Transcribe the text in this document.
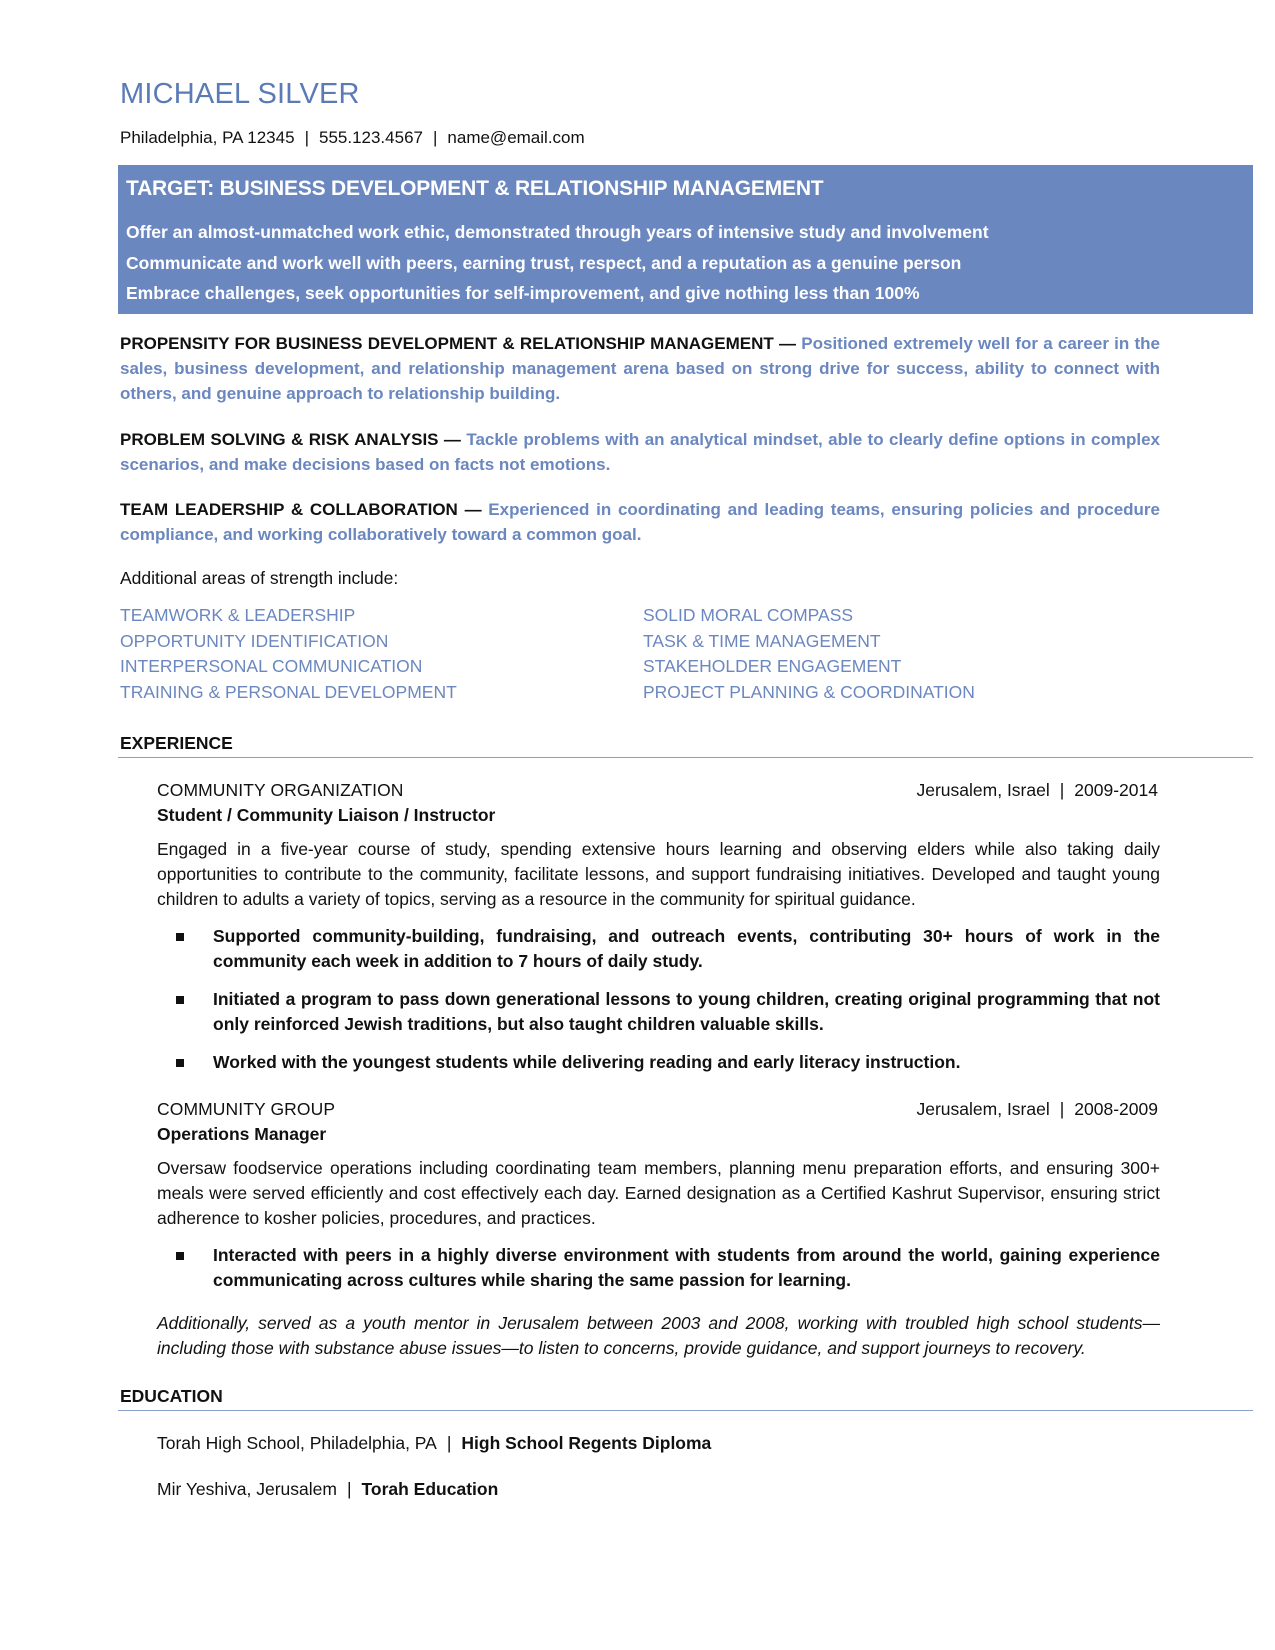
MICHAEL SILVER
Philadelphia, PA 12345 | 555.123.4567 | name@email.com
TARGET: BUSINESS DEVELOPMENT & RELATIONSHIP MANAGEMENT
Offer an almost-unmatched work ethic, demonstrated through years of intensive study and involvement
Communicate and work well with peers, earning trust, respect, and a reputation as a genuine person
Embrace challenges, seek opportunities for self-improvement, and give nothing less than 100%
PROPENSITY FOR BUSINESS DEVELOPMENT & RELATIONSHIP MANAGEMENT — Positioned extremely well for a career in the sales, business development, and relationship management arena based on strong drive for success, ability to connect with others, and genuine approach to relationship building.
PROBLEM SOLVING & RISK ANALYSIS — Tackle problems with an analytical mindset, able to clearly define options in complex scenarios, and make decisions based on facts not emotions.
TEAM LEADERSHIP & COLLABORATION — Experienced in coordinating and leading teams, ensuring policies and procedure compliance, and working collaboratively toward a common goal.
Additional areas of strength include:
TEAMWORK & LEADERSHIP
OPPORTUNITY IDENTIFICATION
INTERPERSONAL COMMUNICATION
TRAINING & PERSONAL DEVELOPMENT
SOLID MORAL COMPASS
TASK & TIME MANAGEMENT
STAKEHOLDER ENGAGEMENT
PROJECT PLANNING & COORDINATION
EXPERIENCE
COMMUNITY ORGANIZATION	Jerusalem, Israel | 2009-2014
Student / Community Liaison / Instructor
Engaged in a five-year course of study, spending extensive hours learning and observing elders while also taking daily opportunities to contribute to the community, facilitate lessons, and support fundraising initiatives. Developed and taught young children to adults a variety of topics, serving as a resource in the community for spiritual guidance.
Supported community-building, fundraising, and outreach events, contributing 30+ hours of work in the community each week in addition to 7 hours of daily study.
Initiated a program to pass down generational lessons to young children, creating original programming that not only reinforced Jewish traditions, but also taught children valuable skills.
Worked with the youngest students while delivering reading and early literacy instruction.
COMMUNITY GROUP	Jerusalem, Israel | 2008-2009
Operations Manager
Oversaw foodservice operations including coordinating team members, planning menu preparation efforts, and ensuring 300+ meals were served efficiently and cost effectively each day. Earned designation as a Certified Kashrut Supervisor, ensuring strict adherence to kosher policies, procedures, and practices.
Interacted with peers in a highly diverse environment with students from around the world, gaining experience communicating across cultures while sharing the same passion for learning.
Additionally, served as a youth mentor in Jerusalem between 2003 and 2008, working with troubled high school students—including those with substance abuse issues—to listen to concerns, provide guidance, and support journeys to recovery.
EDUCATION
Torah High School, Philadelphia, PA | High School Regents Diploma
Mir Yeshiva, Jerusalem | Torah Education
